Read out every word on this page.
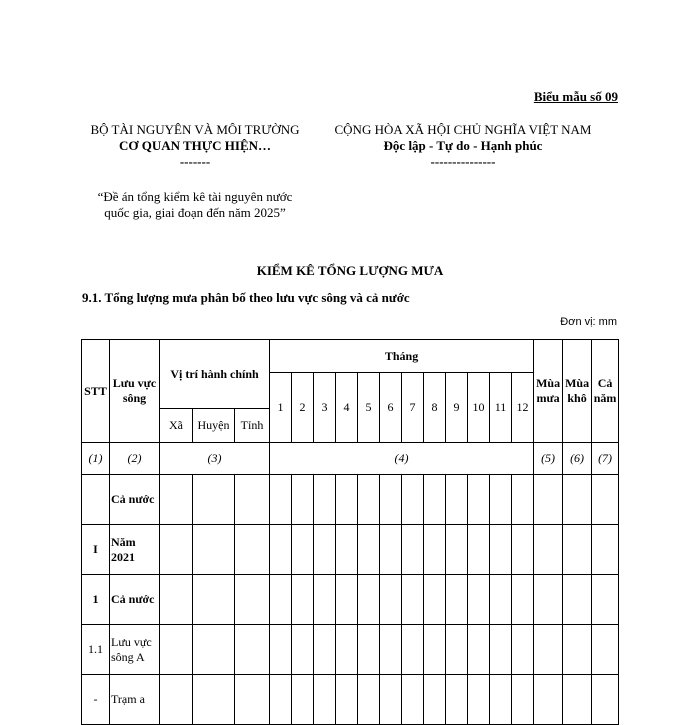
Biểu mẫu số 09
BỘ TÀI NGUYÊN VÀ MÔI TRƯỜNG
CƠ QUAN THỰC HIỆN…
-------
CỘNG HÒA XÃ HỘI CHỦ NGHĨA VIỆT NAM
Độc lập - Tự do - Hạnh phúc
---------------
“Đề án tổng kiểm kê tài nguyên nước
quốc gia, giai đoạn đến năm 2025”
KIỂM KÊ TỔNG LƯỢNG MƯA
9.1. Tổng lượng mưa phân bố theo lưu vực sông và cả nước
Đơn vị: mm
STT	Lưu vực sông	Vị trí hành chính			Tháng												Mùa mưa	Mùa khô	Cả năm
					1	2	3	4	5	6	7	8	9	10	11	12			
		Xã	Huyện	Tỉnh															
(1)	(2)	(3)			(4)												(5)	(6)	(7)
	Cả nước																		
I	Năm 2021																		
1	Cả nước																		
1.1	Lưu vực sông A																		
-	Trạm a																		
